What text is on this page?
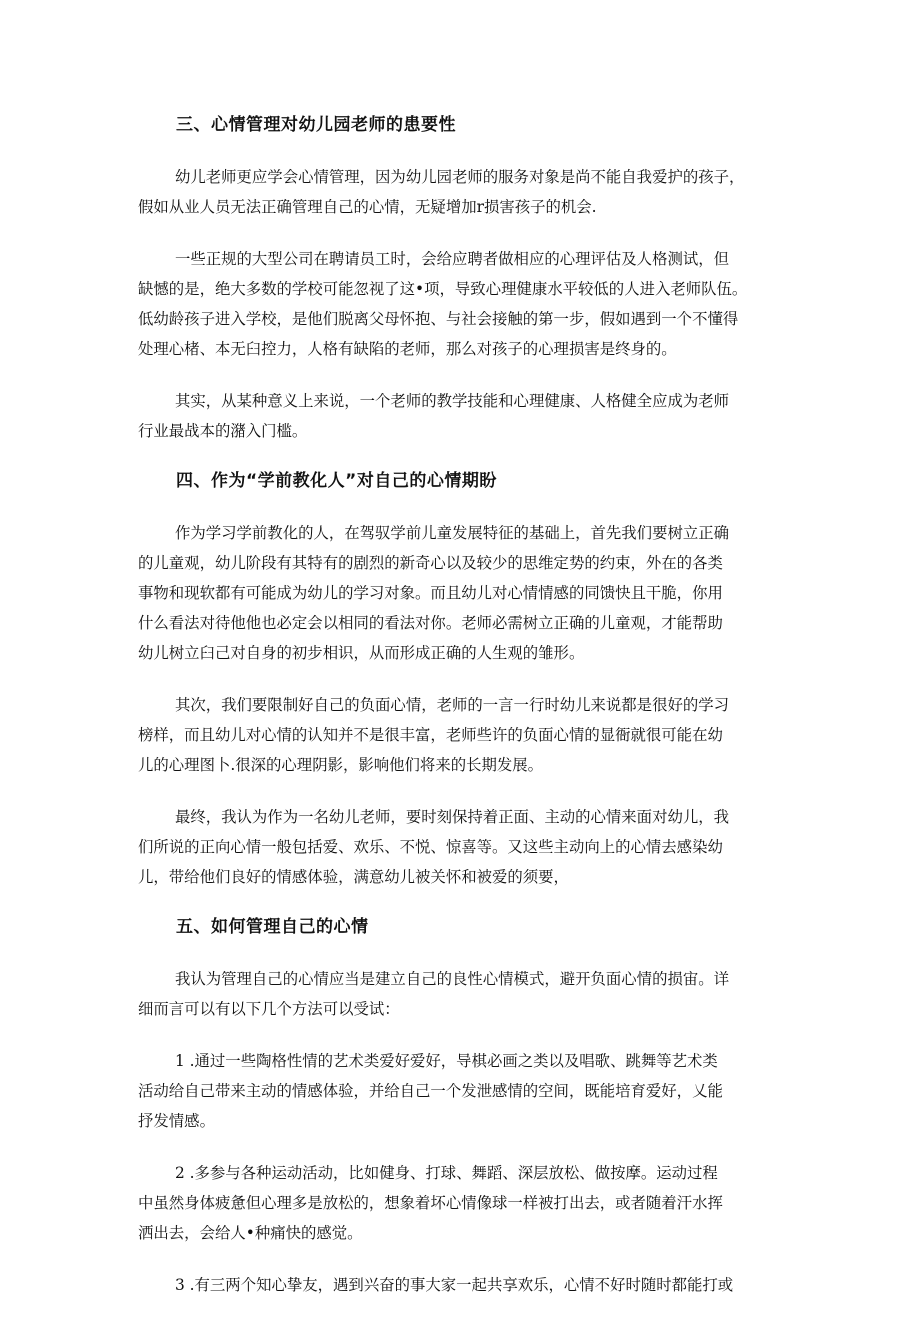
三、心情管理对幼儿园老师的患要性
幼儿老师更应学会心情管理，因为幼儿园老师的服务对象是尚不能自我爱护的孩子，
假如从业人员无法正确管理自己的心情，无疑增加r损害孩子的机会.
一些正规的大型公司在聘请员工时，会给应聘者做相应的心理评估及人格测试，但
缺憾的是，绝大多数的学校可能忽视了这•项，导致心理健康水平较低的人进入老师队伍。
低幼龄孩子进入学校，是他们脱离父母怀抱、与社会接触的第一步，假如遇到一个不懂得
处理心楮、本无臼控力，人格有缺陷的老师，那么对孩子的心理损害是终身的。
其实，从某种意义上来说，一个老师的教学技能和心理健康、人格健全应成为老师
行业最战本的潴入门槛。
四、作为“学前教化人”对自己的心情期盼
作为学习学前教化的人，在驾驭学前儿童发展特征的基础上，首先我们要树立正确
的儿童观，幼儿阶段有其特有的剧烈的新奇心以及较少的思维定势的约束，外在的各类
事物和现软都有可能成为幼儿的学习对象。而且幼儿对心情情感的同馈快且干脆，你用
什么看法对待他他也必定会以相同的看法对你。老师必需树立正确的儿童观，才能帮助
幼儿树立臼己对自身的初步相识，从而形成正确的人生观的雏形。
其次，我们要限制好自己的负面心情，老师的一言一行时幼儿来说都是很好的学习
榜样，而且幼儿对心情的认知并不是很丰富，老师些许的负面心情的显衙就很可能在幼
儿的心理图卜.很深的心理阴影，影响他们将来的长期发展。
最终，我认为作为一名幼儿老师，要时刻保持着正面、主动的心情来面对幼儿，我
们所说的正向心情一般包括爱、欢乐、不悦、惊喜等。又这些主动向上的心情去感染幼
儿，带给他们良好的情感体验，满意幼儿被关怀和被爱的须要，
五、如何管理自己的心情
我认为管理自己的心情应当是建立自己的良性心情模式，避开负面心情的损宙。详
细而言可以有以下几个方法可以受试：
1 .通过一些陶格性情的艺术类爱好爱好，导棋必画之类以及唱歌、跳舞等艺术类
活动给自己带来主动的情感体验，并给自己一个发泄感情的空间，既能培育爱好，乂能
抒发情感。
2 .多参与各种运动活动，比如健身、打球、舞蹈、深层放松、做按摩。运动过程
中虽然身体疲惫但心理多是放松的，想象着坏心情像球一样被打出去，或者随着汗水挥
洒出去，会给人•种痛快的感觉。
3 .有三两个知心挚友，遇到兴奋的事大家一起共享欢乐，心情不好时随时都能打或
